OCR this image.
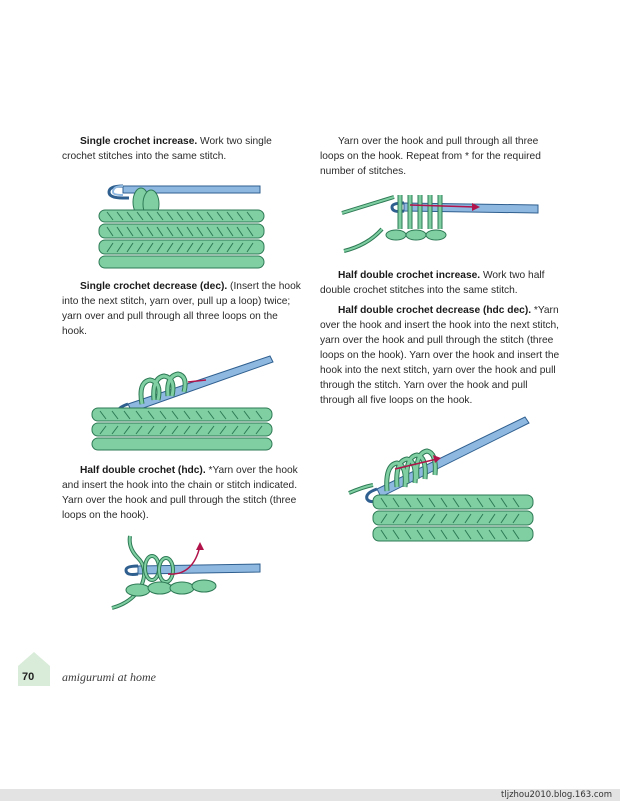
Single crochet increase. Work two single crochet stitches into the same stitch.
Single crochet decrease (dec). (Insert the hook into the next stitch, yarn over, pull up a loop) twice; yarn over and pull through all three loops on the hook.
Half double crochet (hdc). *Yarn over the hook and insert the hook into the chain or stitch indicated. Yarn over the hook and pull through the stitch (three loops on the hook).
Yarn over the hook and pull through all three loops on the hook. Repeat from * for the required number of stitches.
Half double crochet increase. Work two half double crochet stitches into the same stitch.
Half double crochet decrease (hdc dec). *Yarn over the hook and insert the hook into the next stitch, yarn over the hook and pull through the stitch (three loops on the hook). Yarn over the hook and insert the hook into the next stitch, yarn over the hook and pull through the stitch. Yarn over the hook and pull through all five loops on the hook.
70 amigurumi at home
tljzhou2010.blog.163.com
